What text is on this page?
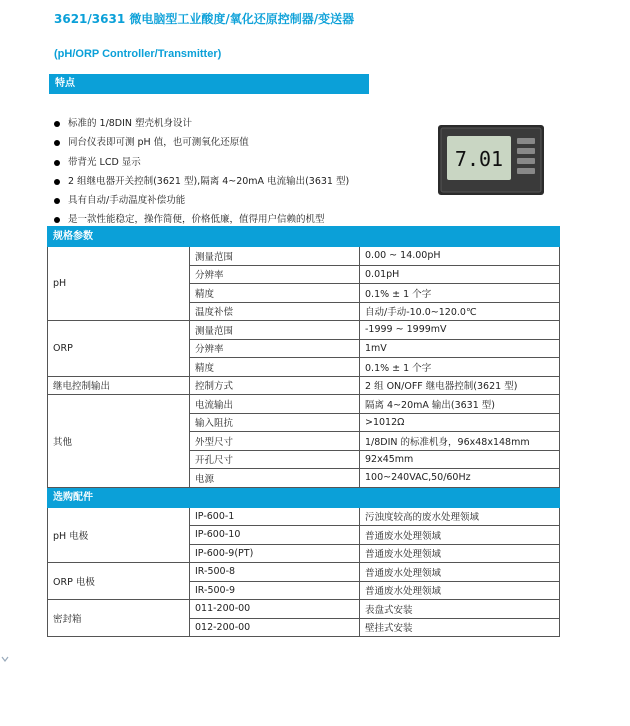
3621/3631 微电脑型工业酸度/氧化还原控制器/变送器
(pH/ORP Controller/Transmitter)
特点
标准的 1/8DIN 塑壳机身设计
同台仪表即可测 pH 值，也可测氧化还原值
带背光 LCD 显示
2 组继电器开关控制(3621 型),隔离 4~20mA 电流输出(3631 型)
具有自动/手动温度补偿功能
是一款性能稳定，操作简便，价格低廉，值得用户信赖的机型
7.01
规格参数		
pH	测量范围	0.00 ~ 14.00pH
	分辨率	0.01pH
	精度	0.1% ± 1 个字
	温度补偿	自动/手动-10.0~120.0℃
ORP	测量范围	-1999 ~ 1999mV
	分辨率	1mV
	精度	0.1% ± 1 个字
继电控制输出	控制方式	2 组 ON/OFF 继电器控制(3621 型)
其他	电流输出	隔离 4~20mA 输出(3631 型)
	输入阻抗	>1012Ω
	外型尺寸	1/8DIN 的标准机身，96x48x148mm
	开孔尺寸	92x45mm
	电源	100~240VAC,50/60Hz
选购配件		
pH 电极	IP-600-1	污浊度较高的废水处理领域
	IP-600-10	普通废水处理领域
	IP-600-9(PT)	普通废水处理领域
ORP 电极	IR-500-8	普通废水处理领域
	IR-500-9	普通废水处理领域
密封箱	011-200-00	表盘式安装
	012-200-00	壁挂式安装
